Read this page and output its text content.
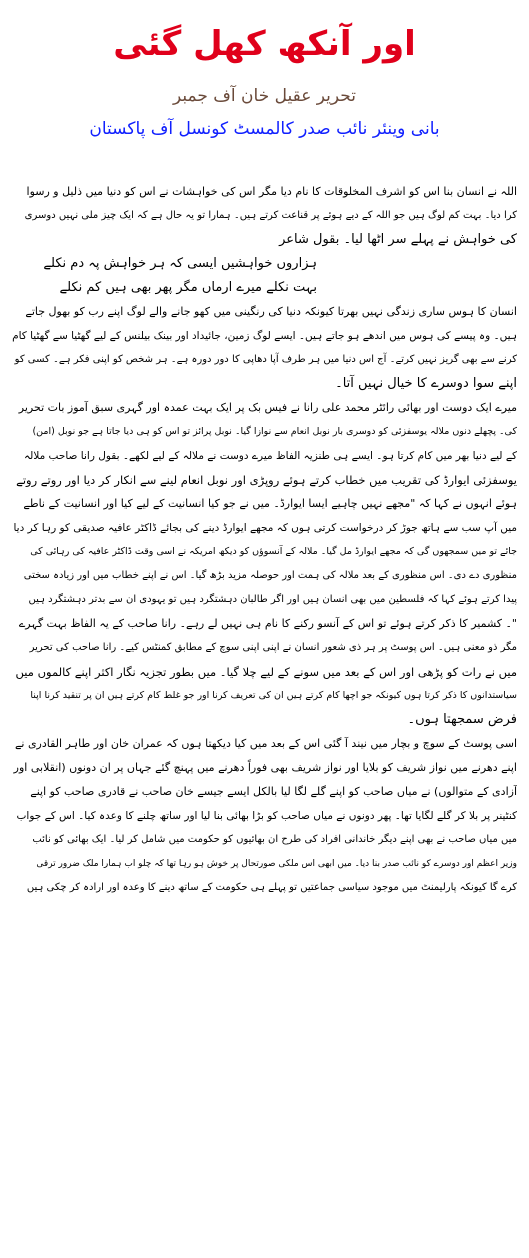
اور آنکھ کھل گئی
تحریر عقیل خان آف جمبر
بانی وینئر نائب صدر کالمسٹ کونسل آف پاکستان
اللہ نے انسان بنا اس کو اشرف المخلوقات کا نام دیا مگر اس کی خواہشات نے اس کو دنیا میں ذلیل و رسوا
کرا دیا۔ بہت کم لوگ ہیں جو اللہ کے دیے ہوئے پر قناعت کرتے ہیں۔ ہمارا تو یہ حال ہے کہ ایک چیز ملی نہیں دوسری
کی خواہش نے پہلے سر اٹھا لیا۔ بقول شاعر
ہزاروں خواہشیں ایسی کہ ہر خواہش پہ دم نکلے
بہت نکلے میرے ارماں مگر پھر بھی ہیں کم نکلے
انسان کا ہوس ساری زندگی نہیں بھرتا کیونکہ دنیا کی رنگینی میں کھو جانے والے لوگ اپنے رب کو بھول جاتے
ہیں۔ وہ پیسے کی ہوس میں اندھے ہو جاتے ہیں۔ ایسے لوگ زمین، جائیداد اور بینک بیلنس کے لیے گھٹیا سے گھٹیا کام
کرنے سے بھی گریز نہیں کرتے۔ آج اس دنیا میں ہر طرف آپا دھاپی کا دور دورہ ہے۔ ہر شخص کو اپنی فکر ہے۔ کسی کو
اپنے سوا دوسرے کا خیال نہیں آتا۔
میرے ایک دوست اور بھائی رائٹر محمد علی رانا نے فیس بک پر ایک بہت عمدہ اور گہری سبق آموز بات تحریر
کی۔ پچھلے دنوں ملالہ یوسفزئی کو دوسری بار نوبل انعام سے نوازا گیا۔ نوبل پرائز تو اس کو ہی دیا جاتا ہے جو نوبل (امن)
کے لیے دنیا بھر میں کام کرتا ہو۔ ایسے ہی طنزیہ الفاظ میرے دوست نے ملالہ کے لیے لکھے۔ بقول رانا صاحب ملالہ
یوسفزئی ایوارڈ کی تقریب میں خطاب کرتے ہوئے روپڑی اور نوبل انعام لینے سے انکار کر دیا اور روتے روتے
ہوئے انہوں نے کہا کہ "مجھے نہیں چاہیے ایسا ایوارڈ۔ میں نے جو کیا انسانیت کے لیے کیا اور انسانیت کے ناطے
میں آپ سب سے ہاتھ جوڑ کر درخواست کرتی ہوں کہ مجھے ایوارڈ دینے کی بجائے ڈاکٹر عافیہ صدیقی کو رہا کر دیا
جائے تو میں سمجھوں گی کہ مجھے ایوارڈ مل گیا۔ ملالہ کے آنسوؤں کو دیکھ امریکہ نے اسی وقت ڈاکٹر عافیہ کی رہائی کی
منظوری دے دی۔ اس منظوری کے بعد ملالہ کی ہمت اور حوصلہ مزید بڑھ گیا۔ اس نے اپنے خطاب میں اور زیادہ سختی
پیدا کرتے ہوئے کہا کہ فلسطین میں بھی انسان ہیں اور اگر طالبان دہشتگرد ہیں تو یہودی ان سے بدتر دہشتگرد ہیں
"۔ کشمیر کا ذکر کرتے ہوئے تو اس کے آنسو رکنے کا نام ہی نہیں لے رہے۔ رانا صاحب کے یہ الفاظ بہت گہرے
مگر ذو معنی ہیں۔ اس پوسٹ پر ہر ذی شعور انسان نے اپنی اپنی سوچ کے مطابق کمنٹس کیے۔ رانا صاحب کی تحریر
میں نے رات کو پڑھی اور اس کے بعد میں سونے کے لیے چلا گیا۔ میں بطور تجزیہ نگار اکثر اپنے کالموں میں
سیاستدانوں کا ذکر کرتا ہوں کیونکہ جو اچھا کام کرتے ہیں ان کی تعریف کرنا اور جو غلط کام کرتے ہیں ان پر تنقید کرنا اپنا
فرض سمجھتا ہوں۔
اسی پوسٹ کے سوچ و بچار میں نیند آ گئی اس کے بعد میں کیا دیکھتا ہوں کہ عمران خان اور طاہر القادری نے
اپنے دھرنے میں نواز شریف کو بلایا اور نواز شریف بھی فوراً دھرنے میں پہنچ گئے جہاں پر ان دونوں (انقلابی اور
آزادی کے متوالوں) نے میاں صاحب کو اپنے گلے لگا لیا بالکل ایسے جیسے خان صاحب نے قادری صاحب کو اپنے
کنٹینر پر بلا کر گلے لگایا تھا۔ پھر دونوں نے میاں صاحب کو بڑا بھائی بنا لیا اور ساتھ چلنے کا وعدہ کیا۔ اس کے جواب
میں میاں صاحب نے بھی اپنے دیگر خاندانی افراد کی طرح ان بھائیوں کو حکومت میں شامل کر لیا۔ ایک بھائی کو نائب
وزیر اعظم اور دوسرے کو نائب صدر بنا دیا۔ میں ابھی اس ملکی صورتحال پر خوش ہو رہا تھا کہ چلو اب ہمارا ملک ضرور ترقی
کرے گا کیونکہ پارلیمنٹ میں موجود سیاسی جماعتیں تو پہلے ہی حکومت کے ساتھ دینے کا وعدہ اور ارادہ کر چکی ہیں
